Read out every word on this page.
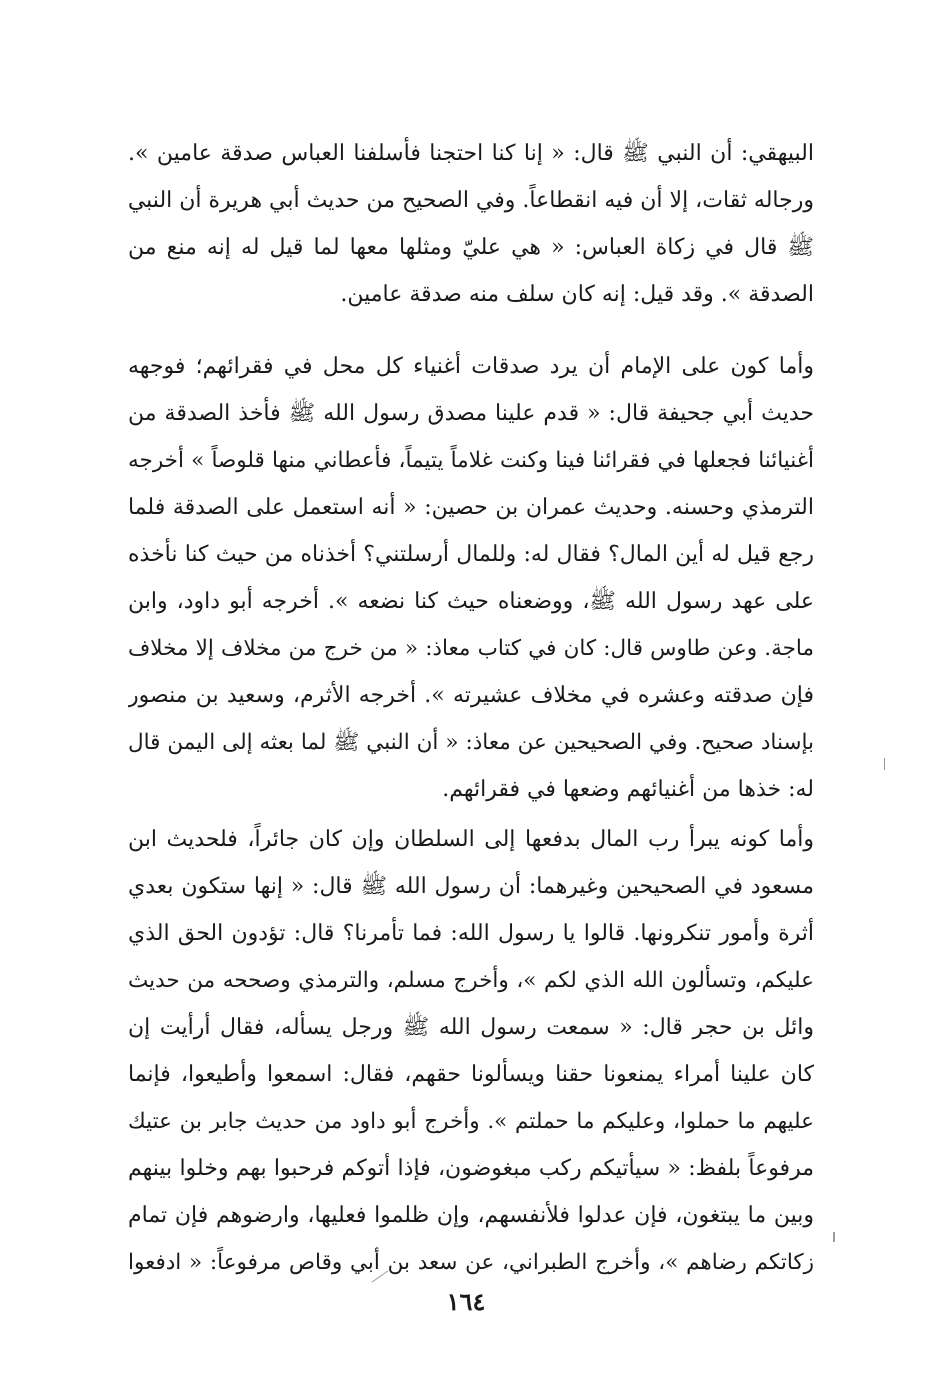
البيهقي: أن النبي ﷺ قال: « إنا كنا احتجنا فأسلفنا العباس صدقة عامين ».
ورجاله ثقات، إلا أن فيه انقطاعاً. وفي الصحيح من حديث أبي هريرة أن النبي
ﷺ قال في زكاة العباس: « هي عليّ ومثلها معها لما قيل له إنه منع من
الصدقة ». وقد قيل: إنه كان سلف منه صدقة عامين.
وأما كون على الإمام أن يرد صدقات أغنياء كل محل في فقرائهم؛ فوجهه
حديث أبي جحيفة قال: « قدم علينا مصدق رسول الله ﷺ فأخذ الصدقة من
أغنيائنا فجعلها في فقرائنا فينا وكنت غلاماً يتيماً، فأعطاني منها قلوصاً » أخرجه
الترمذي وحسنه. وحديث عمران بن حصين: « أنه استعمل على الصدقة فلما
رجع قيل له أين المال؟ فقال له: وللمال أرسلتني؟ أخذناه من حيث كنا نأخذه
على عهد رسول الله ﷺ، ووضعناه حيث كنا نضعه ». أخرجه أبو داود، وابن
ماجة. وعن طاوس قال: كان في كتاب معاذ: « من خرج من مخلاف إلا مخلاف
فإن صدقته وعشره في مخلاف عشيرته ». أخرجه الأثرم، وسعيد بن منصور
بإسناد صحيح. وفي الصحيحين عن معاذ: « أن النبي ﷺ لما بعثه إلى اليمن قال
له: خذها من أغنيائهم وضعها في فقرائهم.
وأما كونه يبرأ رب المال بدفعها إلى السلطان وإن كان جائراً، فلحديث ابن
مسعود في الصحيحين وغيرهما: أن رسول الله ﷺ قال: « إنها ستكون بعدي
أثرة وأمور تنكرونها. قالوا يا رسول الله: فما تأمرنا؟ قال: تؤدون الحق الذي
عليكم، وتسألون الله الذي لكم »، وأخرج مسلم، والترمذي وصححه من حديث
وائل بن حجر قال: « سمعت رسول الله ﷺ ورجل يسأله، فقال أرأيت إن
كان علينا أمراء يمنعونا حقنا ويسألونا حقهم، فقال: اسمعوا وأطيعوا، فإنما
عليهم ما حملوا، وعليكم ما حملتم ». وأخرج أبو داود من حديث جابر بن عتيك
مرفوعاً بلفظ: « سيأتيكم ركب مبغوضون، فإذا أتوكم فرحبوا بهم وخلوا بينهم
وبين ما يبتغون، فإن عدلوا فلأنفسهم، وإن ظلموا فعليها، وارضوهم فإن تمام
زكاتكم رضاهم »، وأخرج الطبراني، عن سعد بن أبي وقاص مرفوعاً: « ادفعوا
١٦٤
